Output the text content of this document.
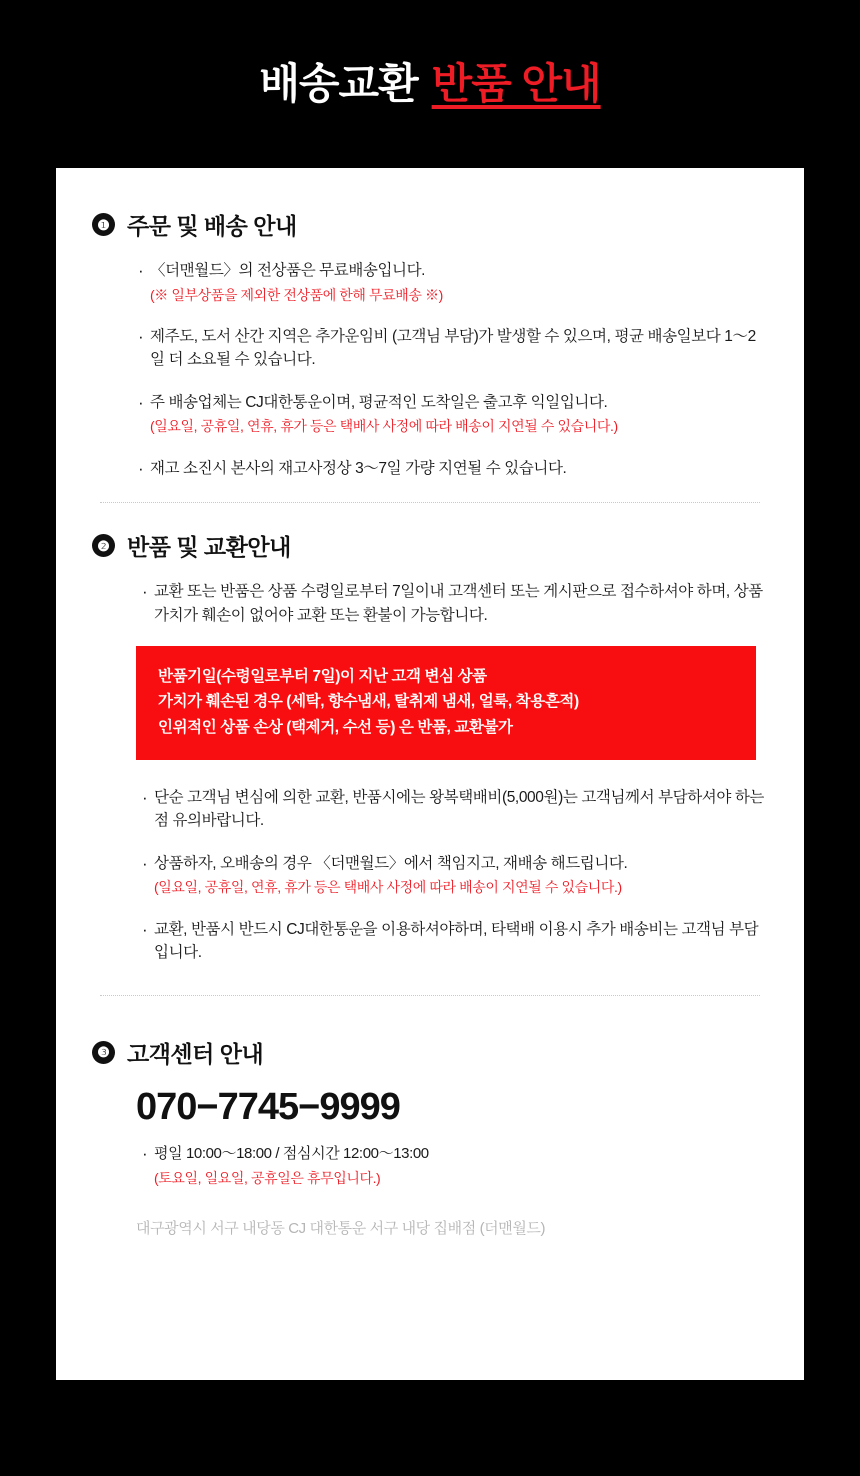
배송교환 반품 안내
❶ 주문 및 배송 안내
· 〈더맨월드〉의 전상품은 무료배송입니다.
(※ 일부상품을 제외한 전상품에 한해 무료배송 ※)
· 제주도, 도서 산간 지역은 추가운임비 (고객님 부담)가 발생할 수 있으며, 평균 배송일보다 1〜2일 더 소요될 수 있습니다.
· 주 배송업체는 CJ대한통운이며, 평균적인 도착일은 출고후 익일입니다.
(일요일, 공휴일, 연휴, 휴가 등은 택배사 사정에 따라 배송이 지연될 수 있습니다.)
· 재고 소진시 본사의 재고사정상 3〜7일 가량 지연될 수 있습니다.
❷ 반품 및 교환안내
· 교환 또는 반품은 상품 수령일로부터 7일이내 고객센터 또는 게시판으로 접수하셔야 하며, 상품가치가 훼손이 없어야 교환 또는 환불이 가능합니다.
반품기일(수령일로부터 7일)이 지난 고객 변심 상품
가치가 훼손된 경우 (세탁, 향수냄새, 탈취제 냄새, 얼룩, 착용흔적)
인위적인 상품 손상 (택제거, 수선 등) 은 반품, 교환불가
· 단순 고객님 변심에 의한 교환, 반품시에는 왕복택배비(5,000원)는 고객님께서 부담하셔야 하는 점 유의바랍니다.
· 상품하자, 오배송의 경우 〈더맨월드〉에서 책임지고, 재배송 해드립니다.
(일요일, 공휴일, 연휴, 휴가 등은 택배사 사정에 따라 배송이 지연될 수 있습니다.)
· 교환, 반품시 반드시 CJ대한통운을 이용하셔야하며, 타택배 이용시 추가 배송비는 고객님 부담입니다.
❸ 고객센터 안내
070−7745−9999
· 평일 10:00〜18:00 / 점심시간 12:00〜13:00
(토요일, 일요일, 공휴일은 휴무입니다.)
대구광역시 서구 내당동 CJ 대한통운 서구 내당 집배점 (더맨월드)
